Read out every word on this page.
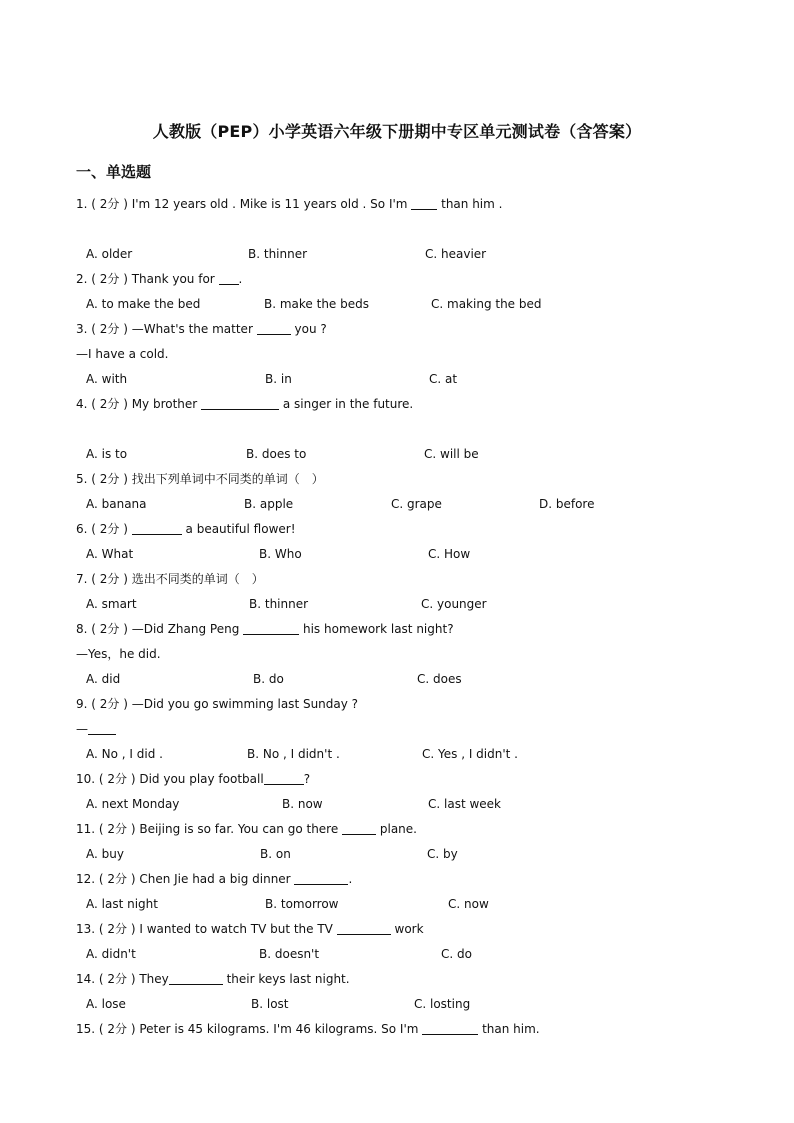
人教版（PEP）小学英语六年级下册期中专区单元测试卷（含答案）
一、单选题
1. ( 2分 ) I'm 12 years old . Mike is 11 years old . So I'm  than him .
A. older	B. thinner	C. heavier
2. ( 2分 ) Thank you for .
A. to make the bed	B. make the beds	C. making the bed
3. ( 2分 ) —What's the matter	you ?
—I have a cold.
A. with	B. in	C. at
4. ( 2分 ) My brother	a singer in the future.
A. is to	B. does to	C. will be
5. ( 2分 ) 找出下列单词中不同类的单词（　）
A. banana	B. apple	C. grape	D. before
6. ( 2分 )	a beautiful flower!
A. What	B. Who	C. How
7. ( 2分 ) 选出不同类的单词（　）
A. smart	B. thinner	C. younger
8. ( 2分 ) —Did Zhang Peng	his homework last night?
—Yes，he did.
A. did	B. do	C. does
9. ( 2分 ) —Did you go swimming last Sunday ?
—
A. No , I did .	B. No , I didn't .	C. Yes , I didn't .
10. ( 2分 ) Did you play football	?
A. next Monday	B. now	C. last week
11. ( 2分 ) Beijing is so far. You can go there	plane.
A. buy	B. on	C. by
12. ( 2分 ) Chen Jie had a big dinner	.
A. last night	B. tomorrow	C. now
13. ( 2分 ) I wanted to watch TV but the TV	work
A. didn't	B. doesn't	C. do
14. ( 2分 ) They	their keys last night.
A. lose	B. lost	C. losting
15. ( 2分 ) Peter is 45 kilograms. I'm 46 kilograms. So I'm	than him.
